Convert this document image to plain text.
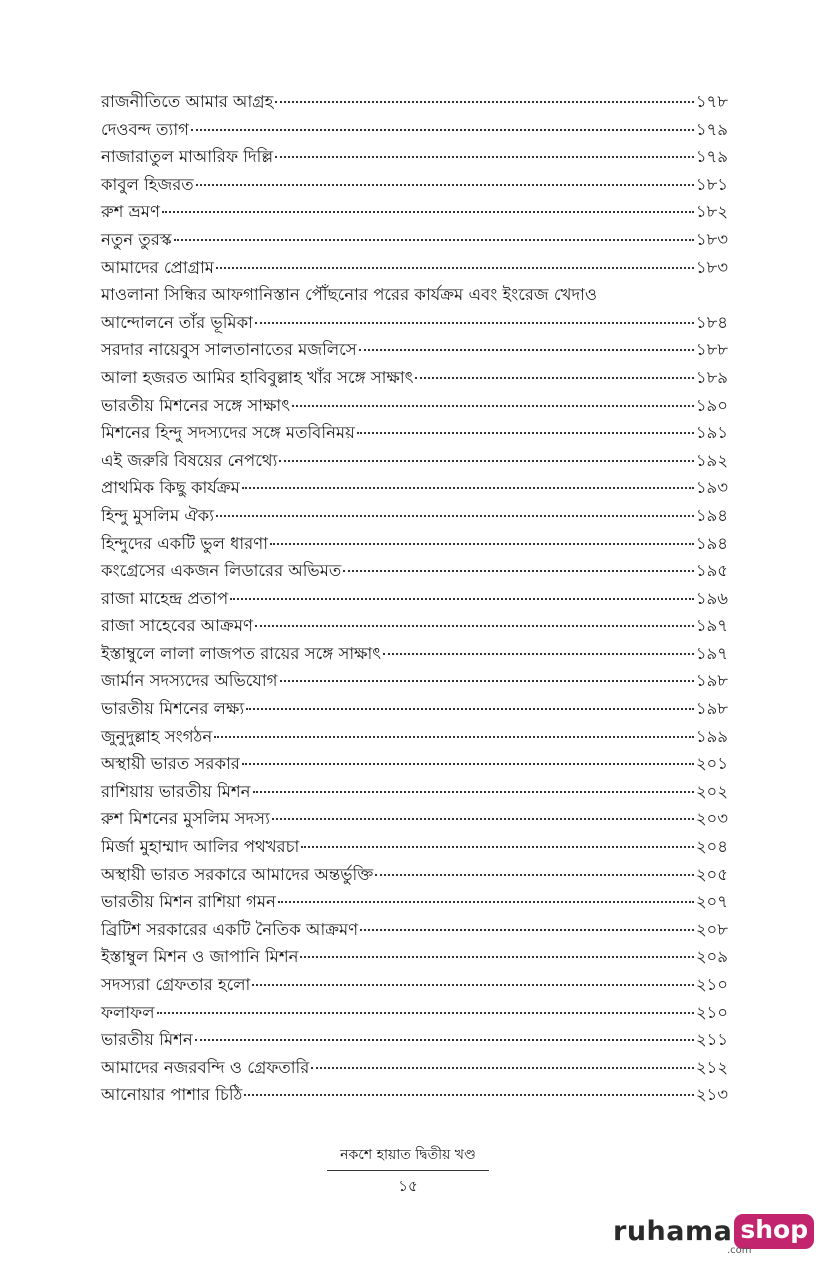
রাজনীতিতে আমার আগ্রহ	১৭৮
দেওবন্দ ত্যাগ	১৭৯
নাজারাতুল মাআরিফ দিল্লি	১৭৯
কাবুল হিজরত	১৮১
রুশ ভ্রমণ	১৮২
নতুন তুরস্ক	১৮৩
আমাদের প্রোগ্রাম	১৮৩
মাওলানা সিন্ধির আফগানিস্তান পৌঁছনোর পরের কার্যক্রম এবং ইংরেজ খেদাও
আন্দোলনে তাঁর ভূমিকা	১৮৪
সরদার নায়েবুস সালতানাতের মজলিসে	১৮৮
আলা হজরত আমির হাবিবুল্লাহ খাঁর সঙ্গে সাক্ষাৎ	১৮৯
ভারতীয় মিশনের সঙ্গে সাক্ষাৎ	১৯০
মিশনের হিন্দু সদস্যদের সঙ্গে মতবিনিময়	১৯১
এই জরুরি বিষয়ের নেপথ্যে	১৯২
প্রাথমিক কিছু কার্যক্রম	১৯৩
হিন্দু মুসলিম ঐক্য	১৯৪
হিন্দুদের একটি ভুল ধারণা	১৯৪
কংগ্রেসের একজন লিডারের অভিমত	১৯৫
রাজা মাহেন্দ্র প্রতাপ	১৯৬
রাজা সাহেবের আক্রমণ	১৯৭
ইস্তাম্বুলে লালা লাজপত রায়ের সঙ্গে সাক্ষাৎ	১৯৭
জার্মান সদস্যদের অভিযোগ	১৯৮
ভারতীয় মিশনের লক্ষ্য	১৯৮
জুনুদুল্লাহ সংগঠন	১৯৯
অস্থায়ী ভারত সরকার	২০১
রাশিয়ায় ভারতীয় মিশন	২০২
রুশ মিশনের মুসলিম সদস্য	২০৩
মির্জা মুহাম্মাদ আলির পথখরচা	২০৪
অস্থায়ী ভারত সরকারে আমাদের অন্তর্ভুক্তি	২০৫
ভারতীয় মিশন রাশিয়া গমন	২০৭
ব্রিটিশ সরকারের একটি নৈতিক আক্রমণ	২০৮
ইস্তাম্বুল মিশন ও জাপানি মিশন	২০৯
সদস্যরা গ্রেফতার হলো	২১০
ফলাফল	২১০
ভারতীয় মিশন	২১১
আমাদের নজরবন্দি ও গ্রেফতারি	২১২
আনোয়ার পাশার চিঠি	২১৩
নকশে হায়াত দ্বিতীয় খণ্ড
১৫
ruhama shop
.com
